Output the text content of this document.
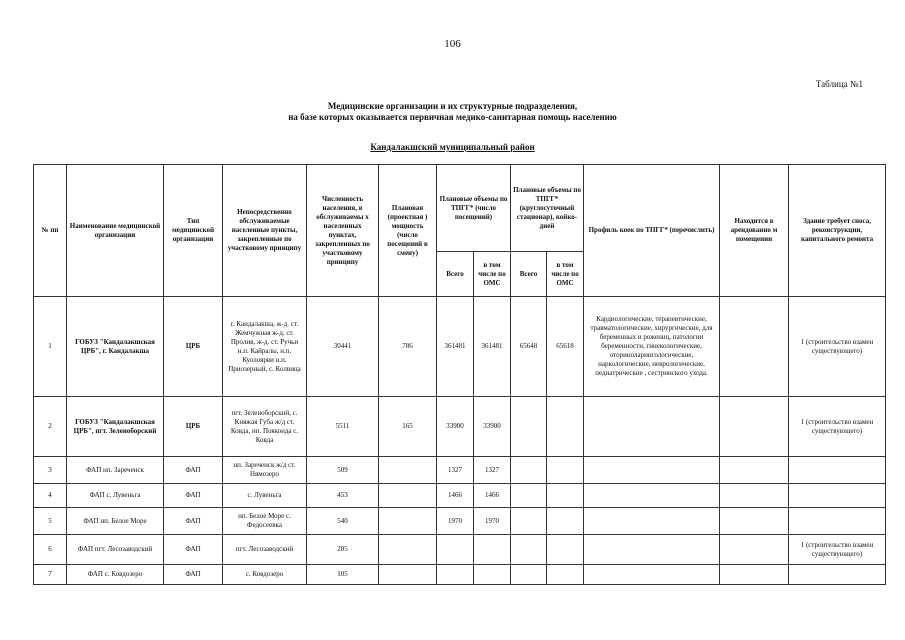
106
Таблица №1
Медицинские организации и их структурные подразделения,
на базе которых оказывается первичная медико-санитарная помощь населению
Кандалакшский муниципальный район
№ пп	Наименование медицинской организации	Тип медицинской организации	Непосредственно обслуживаемые населенные пункты, закрепленные по участковому принципу	Численность населения, в обслуживаемы х населенных пунктах, закрепленных по участковому принципу	Плановая (проектная ) мощность (число посещений в смену)	Плановые объемы по ТПГГ* (число посещений)		Плановые объемы по ТПГГ* (круглосуточный стационар), койко-дней		Профиль коек по ТПГГ* (перечислить)	Находится в арендованно м помещении	Здание требует сноса, реконструкции, капитального ремонта
						Всего	в том числе по ОМС	Всего	в том числе по ОМС			
1	ГОБУЗ "Кандалакшская ЦРБ", г. Кандалакша	ЦРБ	г. Кандалакша, ж-д. ст. Жемчужная ж-д. ст. Пролив, ж-д. ст. Ручьи н.п. Кайралы, н.п. Куолоярви н.п. Приозерный, с. Колвица	30441	786	361481	361481	65648	65618	Кардиологические, терапевтические, травматологические, хирургические, для беременных и рожениц, патологии беременности, гинекологические, оториноларингологические, наркологические, неврологические, педиатрические , сестринского ухода.		1 (строительство взамен существующего)
2	ГОБУЗ "Кандалакшская ЦРБ", пгт. Зеленоборский	ЦРБ	пгт. Зеленоборский, с. Княжая Губа ж/д ст. Ковда, нп. Пояконда с. Ковда	5511	165	33900	33900					1 (строительство взамен существующего)
3	ФАП нп. Зареченск	ФАП	нп. Зареченск ж/д ст. Нямозеро	509		1327	1327					
4	ФАП с. Лувеньга	ФАП	с. Лувеньга	453		1466	1466					
5	ФАП нп. Белое Море	ФАП	нп. Белое Море с. Федосеевка	540		1970	1970					
6	ФАП пгт. Лесозаводский	ФАП	пгт. Лесозаводский	285								1 (строительство взамен существующего)
7	ФАП с. Ковдозеро	ФАП	с. Ковдозеро	105								
